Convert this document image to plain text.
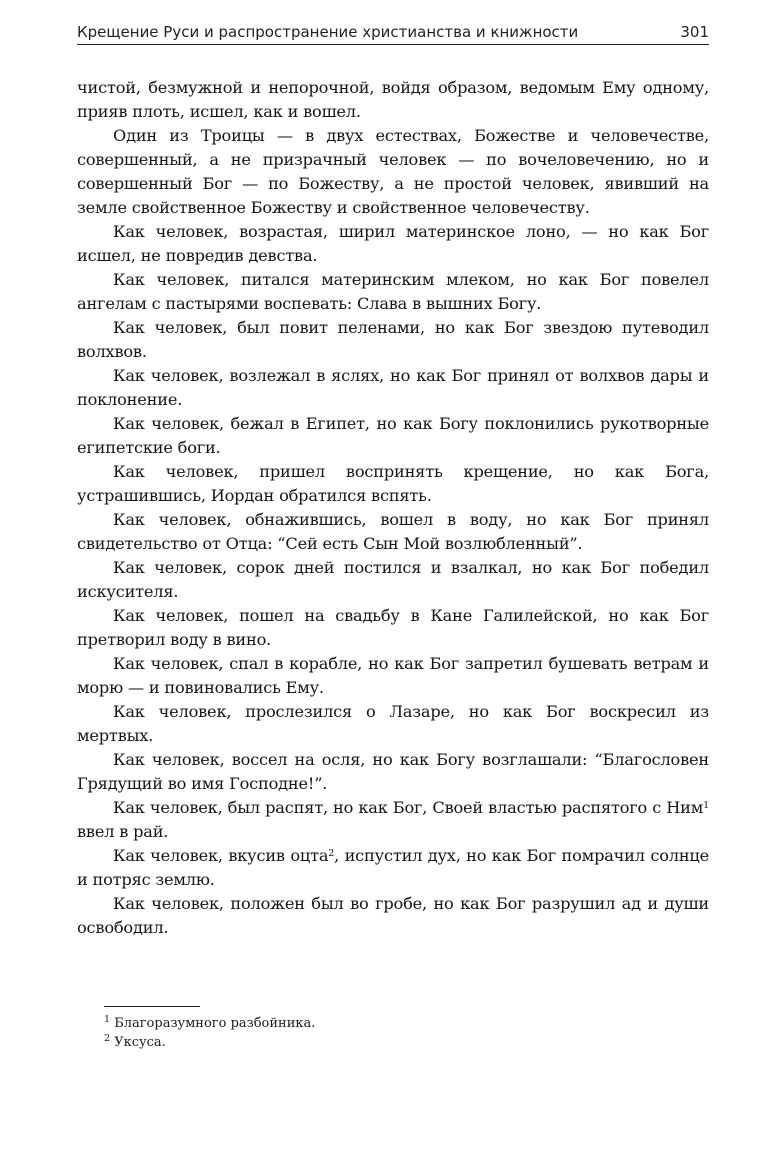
Крещение Руси и распространение христианства и книжности	301

чистой, безмужной и непорочной, войдя образом, ведомым Ему одному, прияв плоть, исшел, как и вошел.

Один из Троицы — в двух естествах, Божестве и человечестве, совершенный, а не призрачный человек — по вочеловечению, но и совершенный Бог — по Божеству, а не простой человек, явивший на земле свойственное Божеству и свойственное человечеству.

Как человек, возрастая, ширил материнское лоно, — но как Бог исшел, не повредив девства.

Как человек, питался материнским млеком, но как Бог повелел ангелам с пастырями воспевать: Слава в вышних Богу.

Как человек, был повит пеленами, но как Бог звездою путеводил волхвов.

Как человек, возлежал в яслях, но как Бог принял от волхвов дары и поклонение.

Как человек, бежал в Египет, но как Богу поклонились рукотворные египетские боги.

Как человек, пришел воспринять крещение, но как Бога, устрашившись, Иордан обратился вспять.

Как человек, обнажившись, вошел в воду, но как Бог принял свидетельство от Отца: “Сей есть Сын Мой возлюбленный”.

Как человек, сорок дней постился и взалкал, но как Бог победил искусителя.

Как человек, пошел на свадьбу в Кане Галилейской, но как Бог претворил воду в вино.

Как человек, спал в корабле, но как Бог запретил бушевать ветрам и морю — и повиновались Ему.

Как человек, прослезился о Лазаре, но как Бог воскресил из мертвых.

Как человек, воссел на осля, но как Богу возглашали: “Благословен Грядущий во имя Господне!”.

Как человек, был распят, но как Бог, Своей властью распятого с Ним$^1$ ввел в рай.

Как человек, вкусив оцта$^2$, испустил дух, но как Бог помрачил солнце и потряс землю.

Как человек, положен был во гробе, но как Бог разрушил ад и души освободил.

$^1$ Благоразумного разбойника.
$^2$ Уксуса.
